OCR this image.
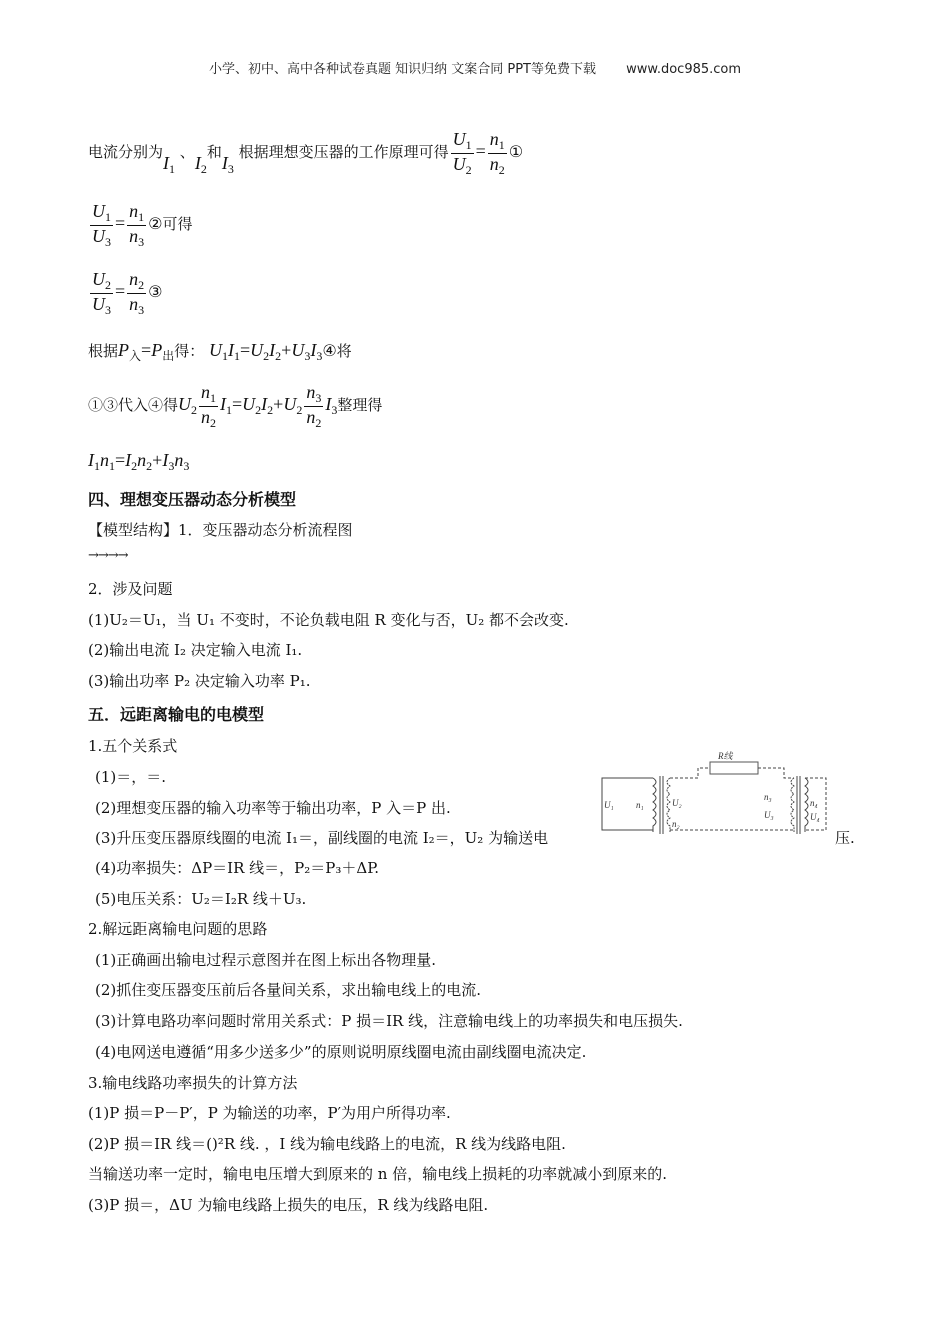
小学、初中、高中各种试卷真题 知识归纳 文案合同 PPT等免费下载 www.doc985.com
电流分别为$I_1$ 、$I_2$和$I_3$ 根据理想变压器的工作原理可得 $\frac{U_1}{U_2} = \frac{n_1}{n_2}$ ①
$\frac{U_1}{U_3} = \frac{n_1}{n_3}$ ②可得
$\frac{U_2}{U_3} = \frac{n_2}{n_3}$ ③
根据$P_入=P_出$得： $U_1I_1=U_2I_2+U_3I_3④$将
①③代入④得$U_2 \frac{n_1}{n_2} I_1=U_2I_2+U_2 \frac{n_3}{n_2} I_3$整理得
$I_1n_1=I_2n_2+I_3n_3$
四、理想变压器动态分析模型
【模型结构】1．变压器动态分析流程图
→→→→
2．涉及问题
(1)U₂＝U₁，当 U₁ 不变时，不论负载电阻 R 变化与否，U₂ 都不会改变.
(2)输出电流 I₂ 决定输入电流 I₁.
(3)输出功率 P₂ 决定输入功率 P₁.
五．远距离输电的电模型
1.五个关系式
(1)＝，＝.
(2)理想变压器的输入功率等于输出功率，P 入＝P 出.
(3)升压变压器原线圈的电流 I₁＝，副线圈的电流 I₂＝，U₂ 为输送电	压.
(4)功率损失：ΔP＝IR 线＝，P₂＝P₃＋ΔP.
(5)电压关系：U₂＝I₂R 线＋U₃.
2.解远距离输电问题的思路
(1)正确画出输电过程示意图并在图上标出各物理量.
(2)抓住变压器变压前后各量间关系，求出输电线上的电流.
(3)计算电路功率问题时常用关系式：P 损＝IR 线，注意输电线上的功率损失和电压损失.
(4)电网送电遵循“用多少送多少”的原则说明原线圈电流由副线圈电流决定.
3.输电线路功率损失的计算方法
(1)P 损＝P－P′，P 为输送的功率，P′为用户所得功率.
(2)P 损＝IR 线＝()²R 线. ，I 线为输电线路上的电流，R 线为线路电阻.
当输送功率一定时，输电电压增大到原来的 n 倍，输电线上损耗的功率就减小到原来的.
(3)P 损＝，ΔU 为输电线路上损失的电压，R 线为线路电阻.
R线
U₁ n₁	U₂
n₂
n₃
U₃
n₄
U₄
